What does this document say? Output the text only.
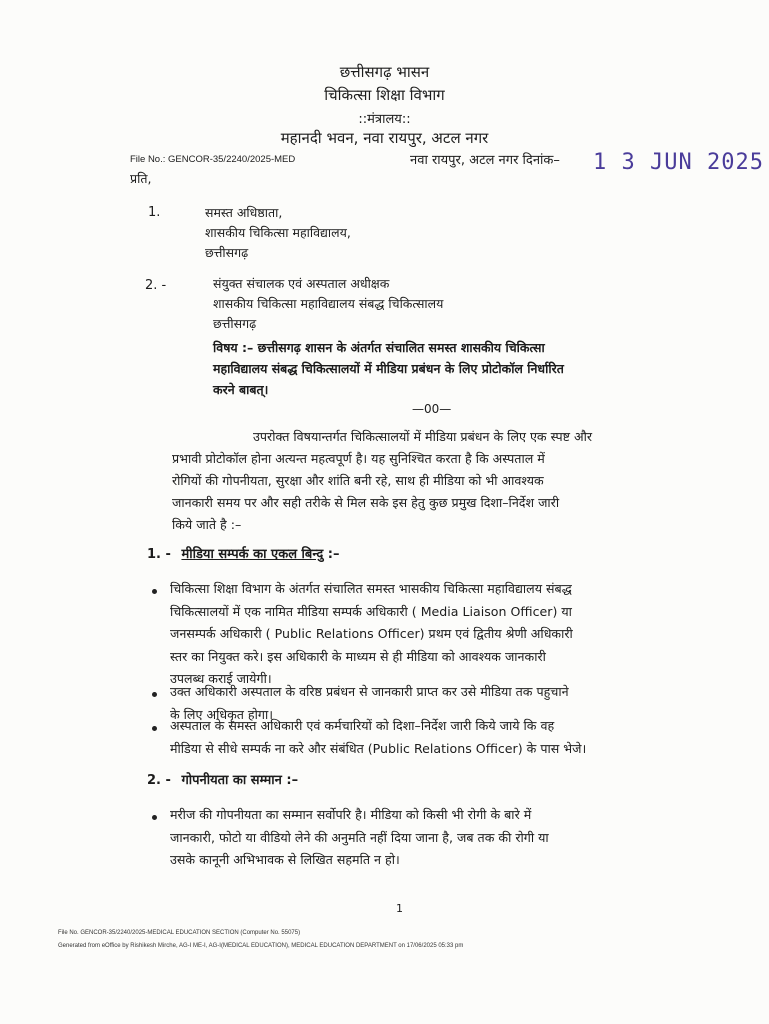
छत्तीसगढ़ भासन
चिकित्सा शिक्षा विभाग
::मंत्रालय::
महानदी भवन, नवा रायपुर, अटल नगर
File No.: GENCOR-35/2240/2025-MED	नवा रायपुर, अटल नगर दिनांक– 1 3 JUN 2025
प्रति,
1.	समस्त अधिष्ठाता,
शासकीय चिकित्सा महाविद्यालय,
छत्तीसगढ़
2. -	संयुक्त संचालक एवं अस्पताल अधीक्षक
शासकीय चिकित्सा महाविद्यालय संबद्ध चिकित्सालय
छत्तीसगढ़
विषय :– छत्तीसगढ़ शासन के अंतर्गत संचालित समस्त शासकीय चिकित्सा
महाविद्यालय संबद्ध चिकित्सालयों में मीडिया प्रबंधन के लिए प्रोटोकॉल निर्धारित
करने बाबत्।
—00—
उपरोक्त विषयान्तर्गत चिकित्सालयों में मीडिया प्रबंधन के लिए एक स्पष्ट और
प्रभावी प्रोटोकॉल होना अत्यन्त महत्वपूर्ण है। यह सुनिश्चित करता है कि अस्पताल में
रोगियों की गोपनीयता, सुरक्षा और शांति बनी रहे, साथ ही मीडिया को भी आवश्यक
जानकारी समय पर और सही तरीके से मिल सके इस हेतु कुछ प्रमुख दिशा–निर्देश जारी
किये जाते है :–
1. - मीडिया सम्पर्क का एकल बिन्दु :–
चिकित्सा शिक्षा विभाग के अंतर्गत संचालित समस्त भासकीय चिकित्सा महाविद्यालय संबद्ध
चिकित्सालयों में एक नामित मीडिया सम्पर्क अधिकारी ( Media Liaison Officer) या
जनसम्पर्क अधिकारी ( Public Relations Officer) प्रथम एवं द्वितीय श्रेणी अधिकारी
स्तर का नियुक्त करे। इस अधिकारी के माध्यम से ही मीडिया को आवश्यक जानकारी
उपलब्ध कराई जायेगी।
उक्त अधिकारी अस्पताल के वरिष्ठ प्रबंधन से जानकारी प्राप्त कर उसे मीडिया तक पहुचाने
के लिए अधिकृत होगा।
अस्पताल के समस्त अधिकारी एवं कर्मचारियों को दिशा–निर्देश जारी किये जाये कि वह
मीडिया से सीधे सम्पर्क ना करे और संबंधित (Public Relations Officer) के पास भेजे।
2. - गोपनीयता का सम्मान :–
मरीज की गोपनीयता का सम्मान सर्वोपरि है। मीडिया को किसी भी रोगी के बारे में
जानकारी, फोटो या वीडियो लेने की अनुमति नहीं दिया जाना है, जब तक की रोगी या
उसके कानूनी अभिभावक से लिखित सहमति न हो।
1
File No. GENCOR-35/2240/2025-MEDICAL EDUCATION SECTION (Computer No. 55075)
Generated from eOffice by Rishikesh Mirche, AG-I ME-I, AG-I(MEDICAL EDUCATION), MEDICAL EDUCATION DEPARTMENT on 17/06/2025 05:33 pm
